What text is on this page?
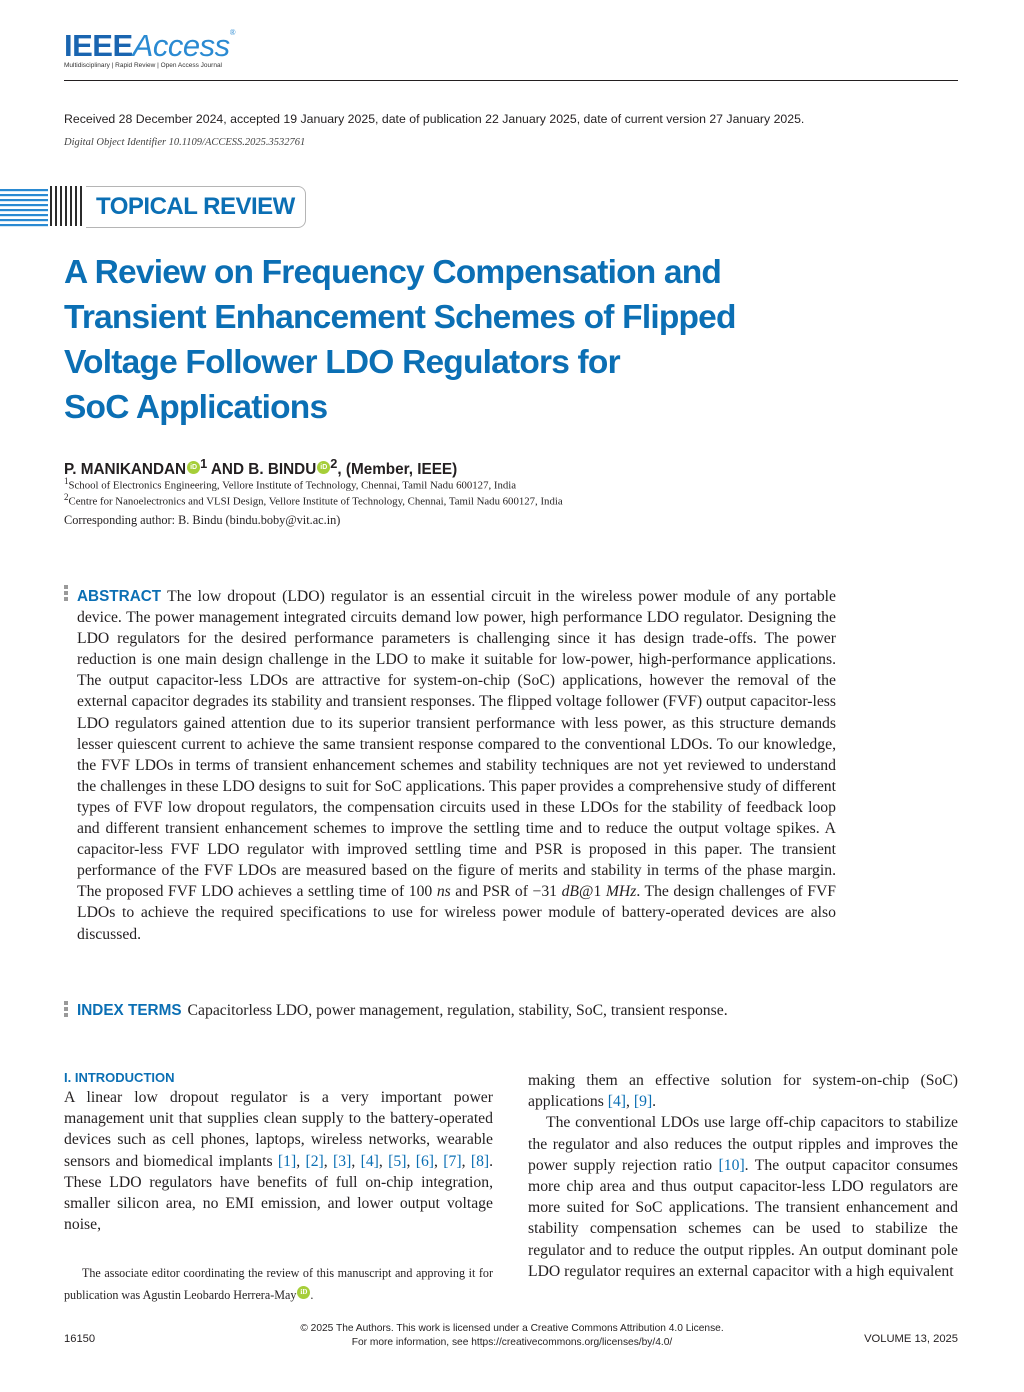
IEEEAccess®
Multidisciplinary | Rapid Review | Open Access Journal
Received 28 December 2024, accepted 19 January 2025, date of publication 22 January 2025, date of current version 27 January 2025.
Digital Object Identifier 10.1109/ACCESS.2025.3532761
TOPICAL REVIEW
A Review on Frequency Compensation and
Transient Enhancement Schemes of Flipped
Voltage Follower LDO Regulators for
SoC Applications
P. MANIKANDAN iD $^1$ AND B. BINDU iD $^2$, (Member, IEEE)
$^1$School of Electronics Engineering, Vellore Institute of Technology, Chennai, Tamil Nadu 600127, India
$^2$Centre for Nanoelectronics and VLSI Design, Vellore Institute of Technology, Chennai, Tamil Nadu 600127, India
Corresponding author: B. Bindu (bindu.boby@vit.ac.in)
ABSTRACT The low dropout (LDO) regulator is an essential circuit in the wireless power module of any portable device. The power management integrated circuits demand low power, high performance LDO regulator. Designing the LDO regulators for the desired performance parameters is challenging since it has design trade-offs. The power reduction is one main design challenge in the LDO to make it suitable for low-power, high-performance applications. The output capacitor-less LDOs are attractive for system-on-chip (SoC) applications, however the removal of the external capacitor degrades its stability and transient responses. The flipped voltage follower (FVF) output capacitor-less LDO regulators gained attention due to its superior transient performance with less power, as this structure demands lesser quiescent current to achieve the same transient response compared to the conventional LDOs. To our knowledge, the FVF LDOs in terms of transient enhancement schemes and stability techniques are not yet reviewed to understand the challenges in these LDO designs to suit for SoC applications. This paper provides a comprehensive study of different types of FVF low dropout regulators, the compensation circuits used in these LDOs for the stability of feedback loop and different transient enhancement schemes to improve the settling time and to reduce the output voltage spikes. A capacitor-less FVF LDO regulator with improved settling time and PSR is proposed in this paper. The transient performance of the FVF LDOs are measured based on the figure of merits and stability in terms of the phase margin. The proposed FVF LDO achieves a settling time of 100 ns and PSR of −31 dB@1 MHz. The design challenges of FVF LDOs to achieve the required specifications to use for wireless power module of battery-operated devices are also discussed.
INDEX TERMS Capacitorless LDO, power management, regulation, stability, SoC, transient response.
I. INTRODUCTION

A linear low dropout regulator is a very important power management unit that supplies clean supply to the battery-operated devices such as cell phones, laptops, wireless networks, wearable sensors and biomedical implants [1], [2], [3], [4], [5], [6], [7], [8]. These LDO regulators have benefits of full on-chip integration, smaller silicon area, no EMI emission, and lower output voltage noise,

The associate editor coordinating the review of this manuscript and approving it for publication was Agustin Leobardo Herrera-May iD .

making them an effective solution for system-on-chip (SoC) applications [4], [9].

The conventional LDOs use large off-chip capacitors to stabilize the regulator and also reduces the output ripples and improves the power supply rejection ratio [10]. The output capacitor consumes more chip area and thus output capacitor-less LDO regulators are more suited for SoC applications. The transient enhancement and stability compensation schemes can be used to stabilize the regulator and to reduce the output ripples. An output dominant pole LDO regulator requires an external capacitor with a high equivalent

16150
© 2025 The Authors. This work is licensed under a Creative Commons Attribution 4.0 License.
For more information, see https://creativecommons.org/licenses/by/4.0/	VOLUME 13, 2025
